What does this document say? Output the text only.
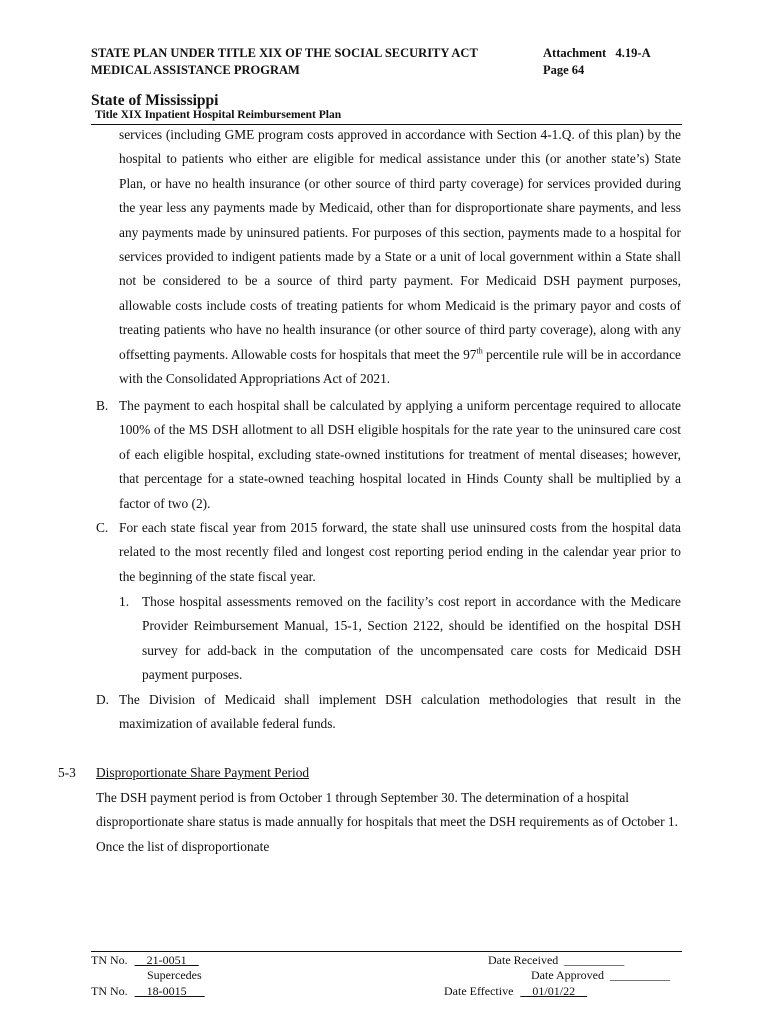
STATE PLAN UNDER TITLE XIX OF THE SOCIAL SECURITY ACT
MEDICAL ASSISTANCE PROGRAM
Attachment   4.19-A
Page 64
State of Mississippi
Title XIX Inpatient Hospital Reimbursement Plan
services (including GME program costs approved in accordance with Section 4-1.Q. of this plan) by the hospital to patients who either are eligible for medical assistance under this (or another state’s) State Plan, or have no health insurance (or other source of third party coverage) for services provided during the year less any payments made by Medicaid, other than for disproportionate share payments, and less any payments made by uninsured patients. For purposes of this section, payments made to a hospital for services provided to indigent patients made by a State or a unit of local government within a State shall not be considered to be a source of third party payment. For Medicaid DSH payment purposes, allowable costs include costs of treating patients for whom Medicaid is the primary payor and costs of treating patients who have no health insurance (or other source of third party coverage), along with any offsetting payments. Allowable costs for hospitals that meet the 97th percentile rule will be in accordance with the Consolidated Appropriations Act of 2021.
B. The payment to each hospital shall be calculated by applying a uniform percentage required to allocate 100% of the MS DSH allotment to all DSH eligible hospitals for the rate year to the uninsured care cost of each eligible hospital, excluding state-owned institutions for treatment of mental diseases; however, that percentage for a state-owned teaching hospital located in Hinds County shall be multiplied by a factor of two (2).
C. For each state fiscal year from 2015 forward, the state shall use uninsured costs from the hospital data related to the most recently filed and longest cost reporting period ending in the calendar year prior to the beginning of the state fiscal year.
1. Those hospital assessments removed on the facility’s cost report in accordance with the Medicare Provider Reimbursement Manual, 15-1, Section 2122, should be identified on the hospital DSH survey for add-back in the computation of the uncompensated care costs for Medicaid DSH payment purposes.
D. The Division of Medicaid shall implement DSH calculation methodologies that result in the maximization of available federal funds.
5-3 Disproportionate Share Payment Period
The DSH payment period is from October 1 through September 30. The determination of a hospital disproportionate share status is made annually for hospitals that meet the DSH requirements as of October 1. Once the list of disproportionate
TN No. __21-0051__
Supercedes
TN No. __18-0015___
Date Received  __________
Date Approved  __________
Date Effective __01/01/22__
